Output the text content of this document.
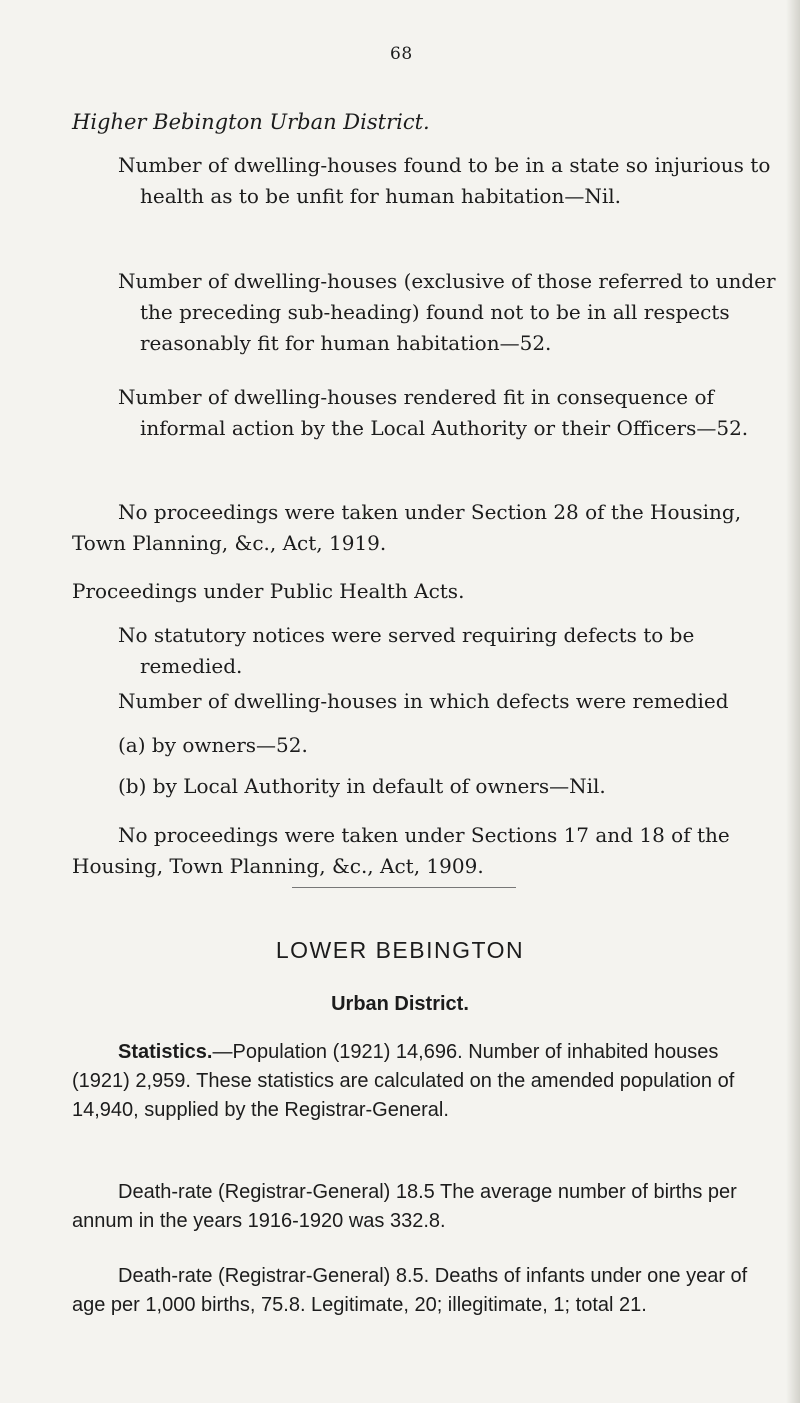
68
Higher Bebington Urban District.

Number of dwelling-houses found to be in a state so injurious to health as to be unfit for human habitation—Nil.

Number of dwelling-houses (exclusive of those referred to under the preceding sub-heading) found not to be in all respects reasonably fit for human habitation—52.

Number of dwelling-houses rendered fit in consequence of informal action by the Local Authority or their Officers—52.

No proceedings were taken under Section 28 of the Housing, Town Planning, &c., Act, 1919.

Proceedings under Public Health Acts.

No statutory notices were served requiring defects to be remedied.

Number of dwelling-houses in which defects were remedied

(a) by owners—52.
(b) by Local Authority in default of owners—Nil.

No proceedings were taken under Sections 17 and 18 of the Housing, Town Planning, &c., Act, 1909.

LOWER BEBINGTON
Urban District.

Statistics.—Population (1921) 14,696. Number of inhabited houses (1921) 2,959. These statistics are calculated on the amended population of 14,940, supplied by the Registrar-General.

Death-rate (Registrar-General) 18.5 The average number of births per annum in the years 1916-1920 was 332.8.

Death-rate (Registrar-General) 8.5. Deaths of infants under one year of age per 1,000 births, 75.8. Legitimate, 20; illegitimate, 1; total 21.
